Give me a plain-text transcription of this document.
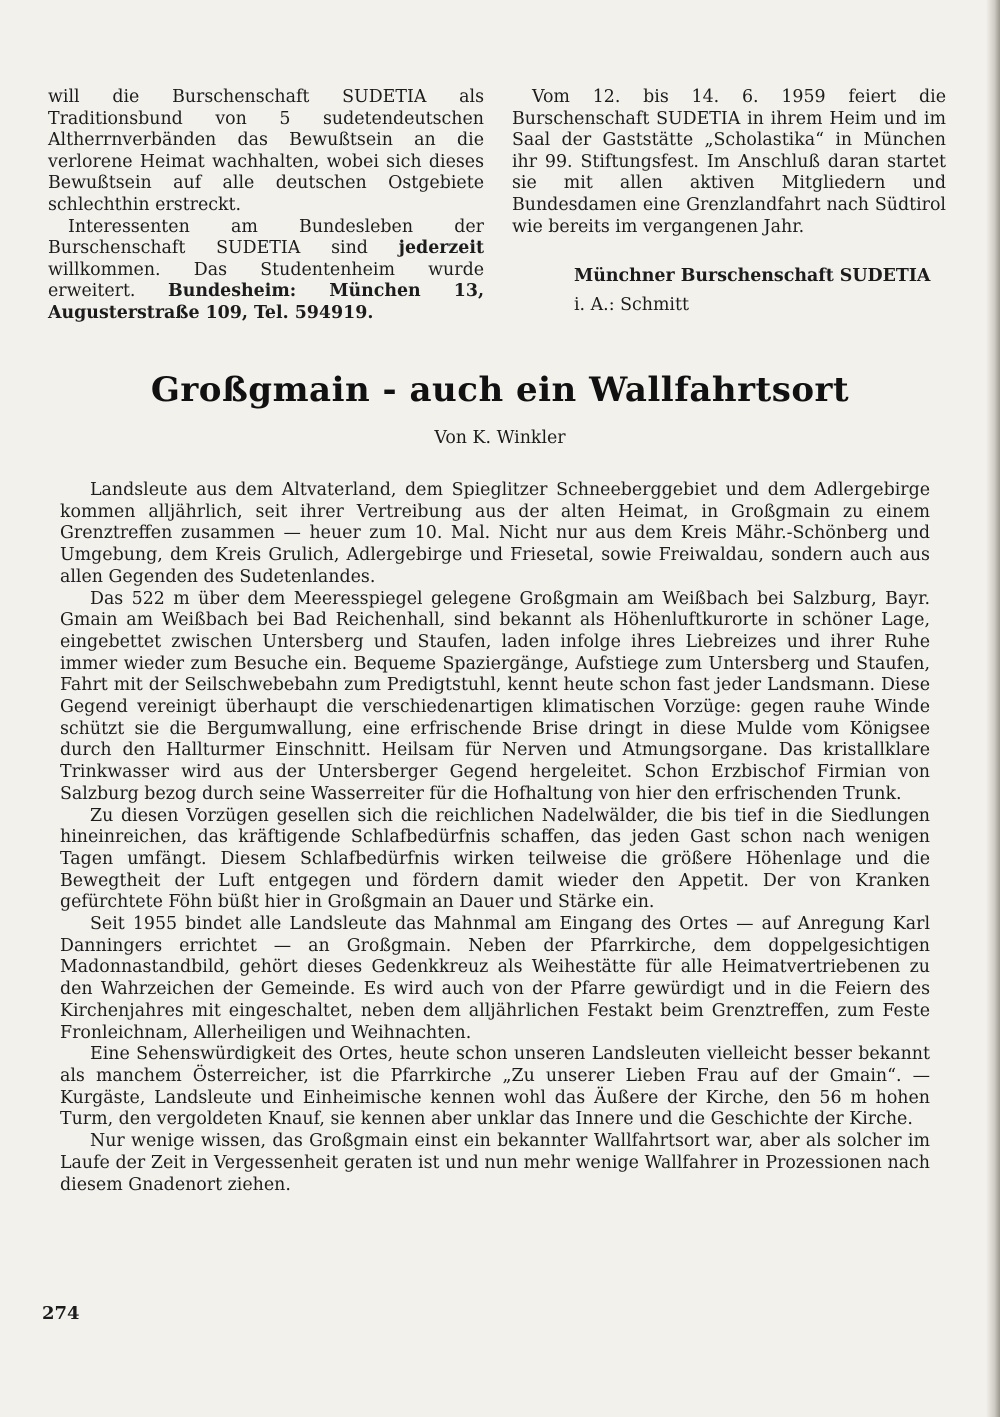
will die Burschenschaft SUDETIA als Traditionsbund von 5 sudetendeutschen Altherrnverbänden das Bewußtsein an die verlorene Heimat wachhalten, wobei sich dieses Bewußtsein auf alle deutschen Ostgebiete schlechthin erstreckt.

Interessenten am Bundesleben der Burschenschaft SUDETIA sind jederzeit willkommen. Das Studentenheim wurde erweitert. Bundesheim: München 13, Augusterstraße 109, Tel. 594919.

Vom 12. bis 14. 6. 1959 feiert die Burschenschaft SUDETIA in ihrem Heim und im Saal der Gaststätte „Scholastika“ in München ihr 99. Stiftungsfest. Im Anschluß daran startet sie mit allen aktiven Mitgliedern und Bundesdamen eine Grenzlandfahrt nach Südtirol wie bereits im vergangenen Jahr.

Münchner Burschenschaft SUDETIA
i. A.: Schmitt
Großgmain - auch ein Wallfahrtsort
Von K. Winkler

Landsleute aus dem Altvaterland, dem Spieglitzer Schneeberggebiet und dem Adlergebirge kommen alljährlich, seit ihrer Vertreibung aus der alten Heimat, in Großgmain zu einem Grenztreffen zusammen — heuer zum 10. Mal. Nicht nur aus dem Kreis Mähr.-Schönberg und Umgebung, dem Kreis Grulich, Adlergebirge und Friesetal, sowie Freiwaldau, sondern auch aus allen Gegenden des Sudetenlandes.

Das 522 m über dem Meeresspiegel gelegene Großgmain am Weißbach bei Salzburg, Bayr. Gmain am Weißbach bei Bad Reichenhall, sind bekannt als Höhenluftkurorte in schöner Lage, eingebettet zwischen Untersberg und Staufen, laden infolge ihres Liebreizes und ihrer Ruhe immer wieder zum Besuche ein. Bequeme Spaziergänge, Aufstiege zum Untersberg und Staufen, Fahrt mit der Seilschwebebahn zum Predigtstuhl, kennt heute schon fast jeder Landsmann. Diese Gegend vereinigt überhaupt die verschiedenartigen klimatischen Vorzüge: gegen rauhe Winde schützt sie die Bergumwallung, eine erfrischende Brise dringt in diese Mulde vom Königsee durch den Hallturmer Einschnitt. Heilsam für Nerven und Atmungsorgane. Das kristallklare Trinkwasser wird aus der Untersberger Gegend hergeleitet. Schon Erzbischof Firmian von Salzburg bezog durch seine Wasserreiter für die Hofhaltung von hier den erfrischenden Trunk.

Zu diesen Vorzügen gesellen sich die reichlichen Nadelwälder, die bis tief in die Siedlungen hineinreichen, das kräftigende Schlafbedürfnis schaffen, das jeden Gast schon nach wenigen Tagen umfängt. Diesem Schlafbedürfnis wirken teilweise die größere Höhenlage und die Bewegtheit der Luft entgegen und fördern damit wieder den Appetit. Der von Kranken gefürchtete Föhn büßt hier in Großgmain an Dauer und Stärke ein.

Seit 1955 bindet alle Landsleute das Mahnmal am Eingang des Ortes — auf Anregung Karl Danningers errichtet — an Großgmain. Neben der Pfarrkirche, dem doppelgesichtigen Madonnastandbild, gehört dieses Gedenkkreuz als Weihestätte für alle Heimatvertriebenen zu den Wahrzeichen der Gemeinde. Es wird auch von der Pfarre gewürdigt und in die Feiern des Kirchenjahres mit eingeschaltet, neben dem alljährlichen Festakt beim Grenztreffen, zum Feste Fronleichnam, Allerheiligen und Weihnachten.

Eine Sehenswürdigkeit des Ortes, heute schon unseren Landsleuten vielleicht besser bekannt als manchem Österreicher, ist die Pfarrkirche „Zu unserer Lieben Frau auf der Gmain“. — Kurgäste, Landsleute und Einheimische kennen wohl das Äußere der Kirche, den 56 m hohen Turm, den vergoldeten Knauf, sie kennen aber unklar das Innere und die Geschichte der Kirche.

Nur wenige wissen, das Großgmain einst ein bekannter Wallfahrtsort war, aber als solcher im Laufe der Zeit in Vergessenheit geraten ist und nun mehr wenige Wallfahrer in Prozessionen nach diesem Gnadenort ziehen.

274
